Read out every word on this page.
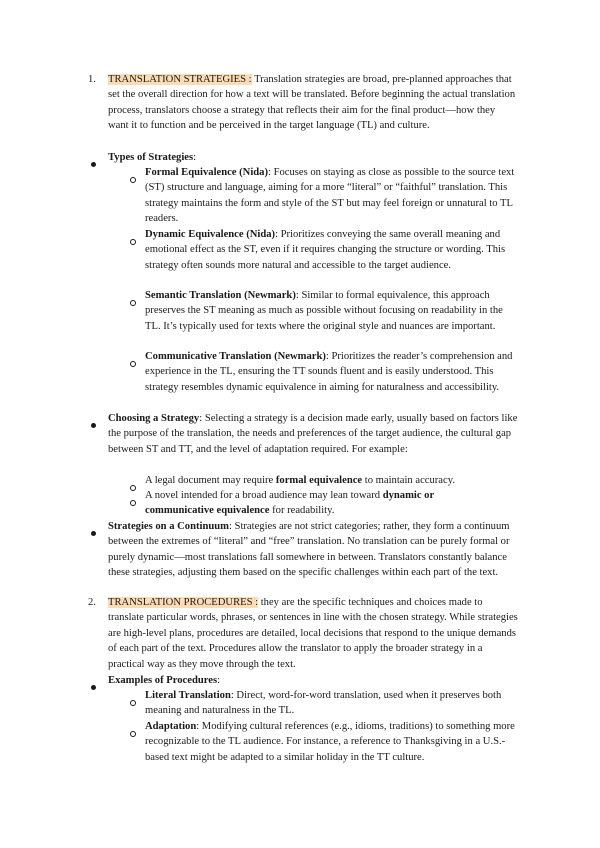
1. TRANSLATION STRATEGIES : Translation strategies are broad, pre-planned approaches that set the overall direction for how a text will be translated. Before beginning the actual translation process, translators choose a strategy that reflects their aim for the final product—how they want it to function and be perceived in the target language (TL) and culture.
Types of Strategies:
Formal Equivalence (Nida): Focuses on staying as close as possible to the source text (ST) structure and language, aiming for a more “literal” or “faithful” translation. This strategy maintains the form and style of the ST but may feel foreign or unnatural to TL readers.
Dynamic Equivalence (Nida): Prioritizes conveying the same overall meaning and emotional effect as the ST, even if it requires changing the structure or wording. This strategy often sounds more natural and accessible to the target audience.
Semantic Translation (Newmark): Similar to formal equivalence, this approach preserves the ST meaning as much as possible without focusing on readability in the TL. It’s typically used for texts where the original style and nuances are important.
Communicative Translation (Newmark): Prioritizes the reader’s comprehension and experience in the TL, ensuring the TT sounds fluent and is easily understood. This strategy resembles dynamic equivalence in aiming for naturalness and accessibility.
Choosing a Strategy: Selecting a strategy is a decision made early, usually based on factors like the purpose of the translation, the needs and preferences of the target audience, the cultural gap between ST and TT, and the level of adaptation required. For example:
A legal document may require formal equivalence to maintain accuracy.
A novel intended for a broad audience may lean toward dynamic or communicative equivalence for readability.
Strategies on a Continuum: Strategies are not strict categories; rather, they form a continuum between the extremes of “literal” and “free” translation. No translation can be purely formal or purely dynamic—most translations fall somewhere in between. Translators constantly balance these strategies, adjusting them based on the specific challenges within each part of the text.
2. TRANSLATION PROCEDURES : they are the specific techniques and choices made to translate particular words, phrases, or sentences in line with the chosen strategy. While strategies are high-level plans, procedures are detailed, local decisions that respond to the unique demands of each part of the text. Procedures allow the translator to apply the broader strategy in a practical way as they move through the text.
Examples of Procedures:
Literal Translation: Direct, word-for-word translation, used when it preserves both meaning and naturalness in the TL.
Adaptation: Modifying cultural references (e.g., idioms, traditions) to something more recognizable to the TL audience. For instance, a reference to Thanksgiving in a U.S.-based text might be adapted to a similar holiday in the TT culture.
